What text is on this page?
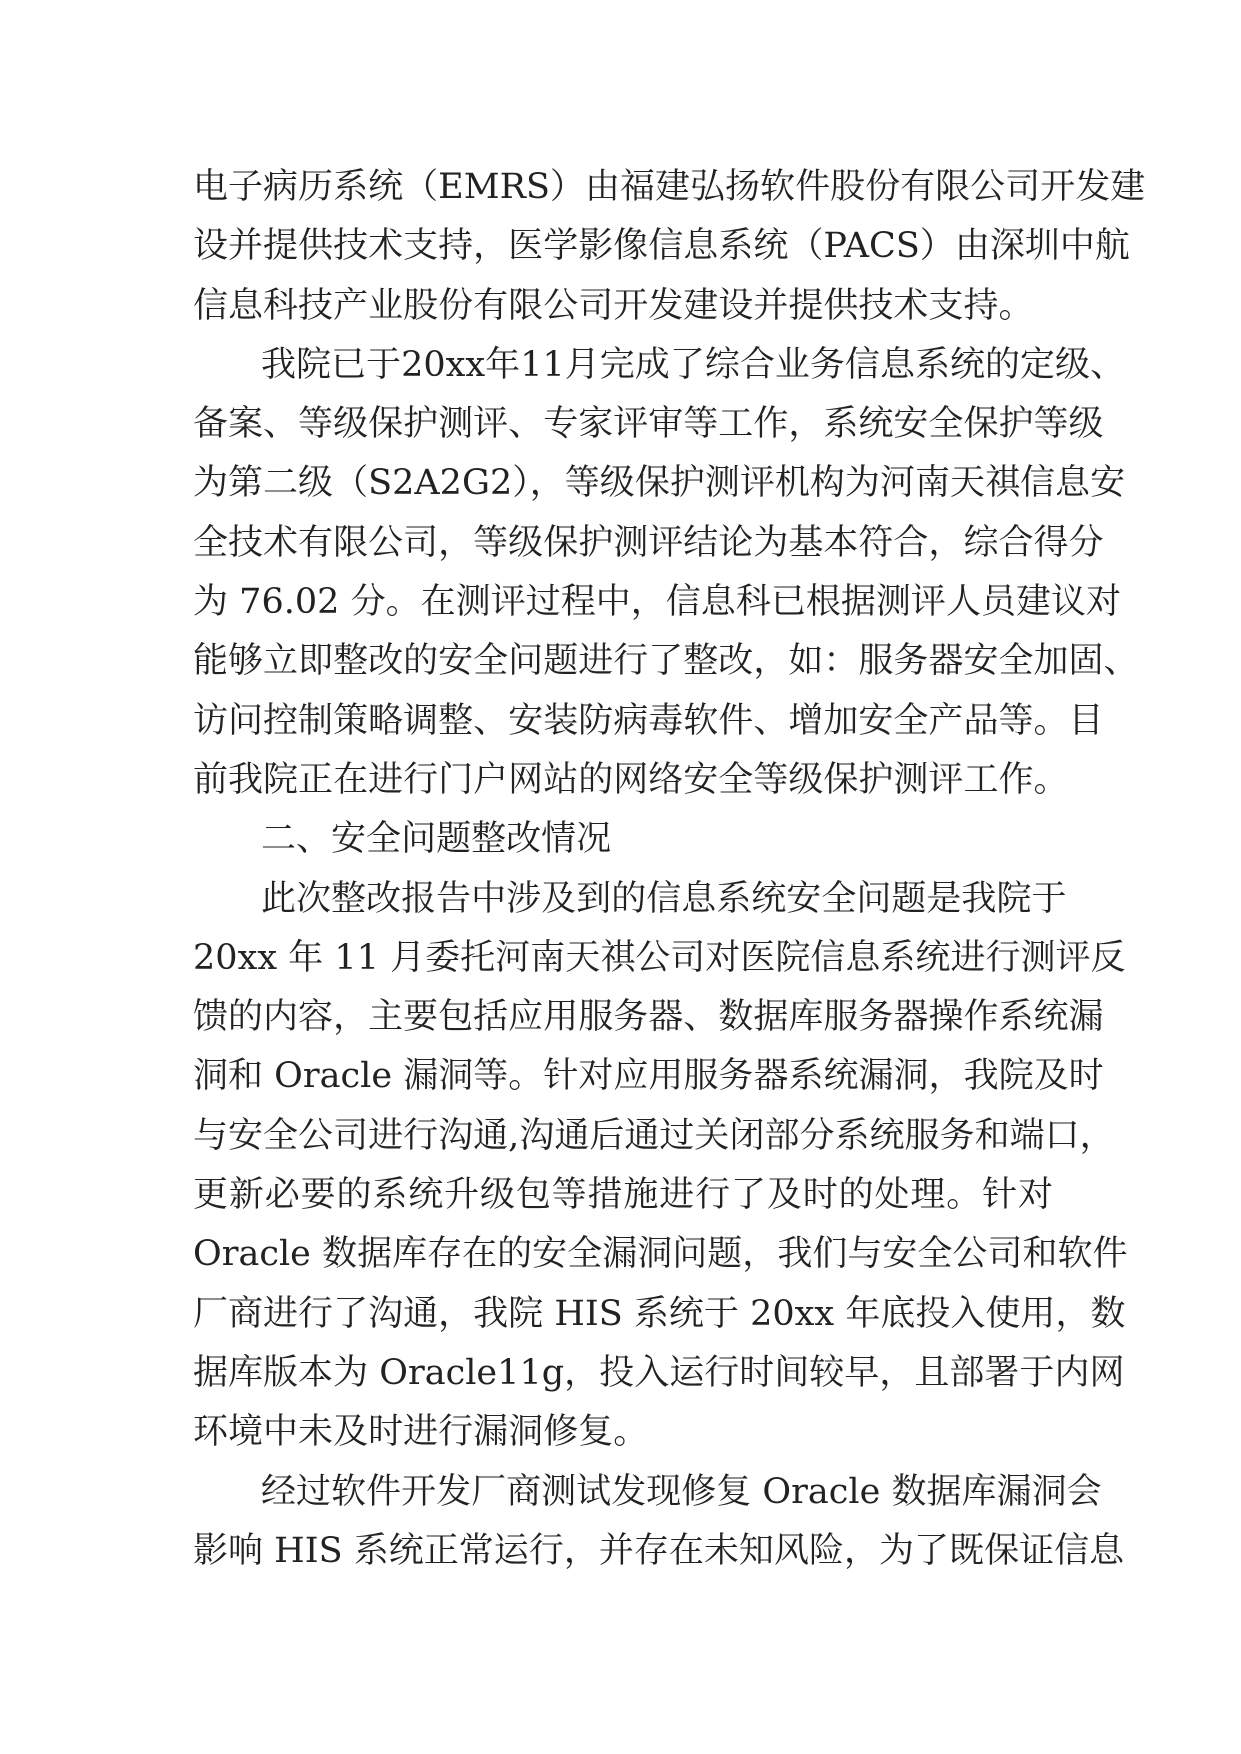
电子病历系统（EMRS）由福建弘扬软件股份有限公司开发建
设并提供技术支持，医学影像信息系统（PACS）由深圳中航
信息科技产业股份有限公司开发建设并提供技术支持。
我院已于20xx年11月完成了综合业务信息系统的定级、
备案、等级保护测评、专家评审等工作，系统安全保护等级
为第二级（S2A2G2），等级保护测评机构为河南天祺信息安
全技术有限公司，等级保护测评结论为基本符合，综合得分
为 76.02 分。在测评过程中，信息科已根据测评人员建议对
能够立即整改的安全问题进行了整改，如：服务器安全加固、
访问控制策略调整、安装防病毒软件、增加安全产品等。目
前我院正在进行门户网站的网络安全等级保护测评工作。
二、安全问题整改情况
此次整改报告中涉及到的信息系统安全问题是我院于
20xx 年 11 月委托河南天祺公司对医院信息系统进行测评反
馈的内容，主要包括应用服务器、数据库服务器操作系统漏
洞和 Oracle 漏洞等。针对应用服务器系统漏洞，我院及时
与安全公司进行沟通,沟通后通过关闭部分系统服务和端口，
更新必要的系统升级包等措施进行了及时的处理。针对
Oracle 数据库存在的安全漏洞问题，我们与安全公司和软件
厂商进行了沟通，我院 HIS 系统于 20xx 年底投入使用，数
据库版本为 Oracle11g，投入运行时间较早，且部署于内网
环境中未及时进行漏洞修复。
经过软件开发厂商测试发现修复 Oracle 数据库漏洞会
影响 HIS 系统正常运行，并存在未知风险，为了既保证信息
